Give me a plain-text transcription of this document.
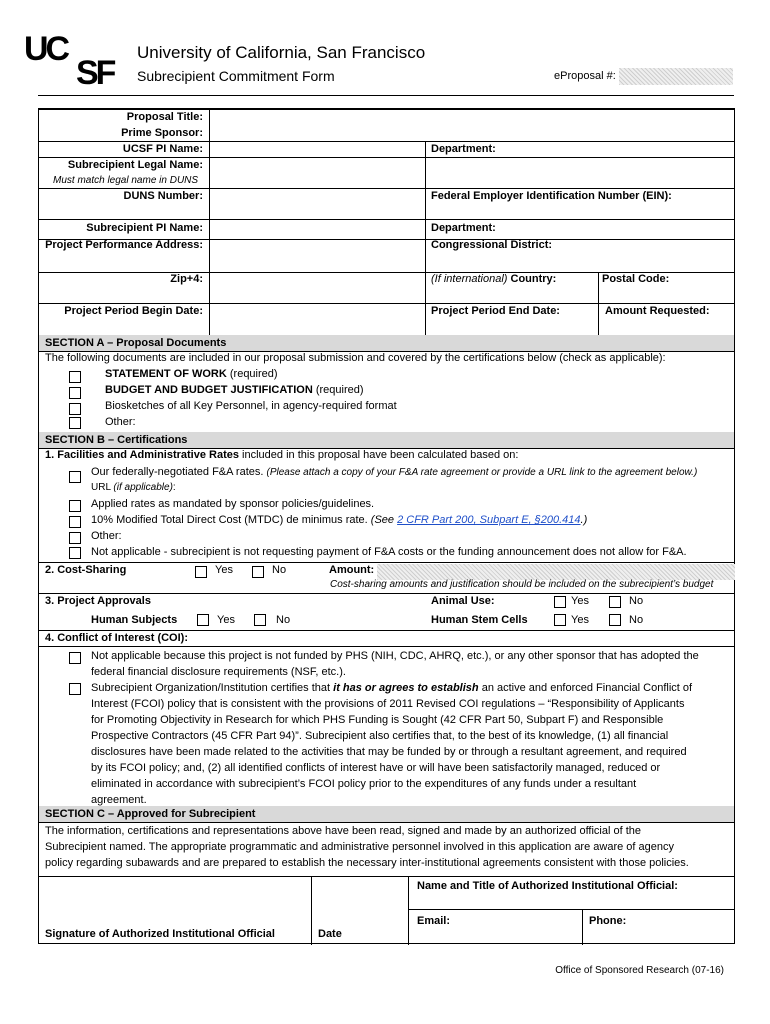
UC
SF
University of California, San Francisco
Subrecipient Commitment Form	eProposal #:
Proposal Title:
Prime Sponsor:
UCSF PI Name:	Department:
Subrecipient Legal Name:
Must match legal name in DUNS
DUNS Number:	Federal Employer Identification Number (EIN):
Subrecipient PI Name:	Department:
Project Performance Address:	Congressional District:
Zip+4:	(If international) Country:	Postal Code:
Project Period Begin Date:	Project Period End Date:	Amount Requested:
SECTION A – Proposal Documents
The following documents are included in our proposal submission and covered by the certifications below (check as applicable):
STATEMENT OF WORK (required)
BUDGET AND BUDGET JUSTIFICATION (required)
Biosketches of all Key Personnel, in agency-required format
Other:
SECTION B – Certifications
1. Facilities and Administrative Rates included in this proposal have been calculated based on:
Our federally-negotiated F&A rates. (Please attach a copy of your F&A rate agreement or provide a URL link to the agreement below.)
URL (if applicable):
Applied rates as mandated by sponsor policies/guidelines.
10% Modified Total Direct Cost (MTDC) de minimus rate. (See 2 CFR Part 200, Subpart E, §200.414.)
Other:
Not applicable - subrecipient is not requesting payment of F&A costs or the funding announcement does not allow for F&A.
2. Cost-Sharing	Yes	No	Amount:
Cost-sharing amounts and justification should be included on the subrecipient’s budget
3. Project Approvals	Animal Use:	Yes	No
Human Subjects	Yes	No	Human Stem Cells	Yes	No
4. Conflict of Interest (COI):
Not applicable because this project is not funded by PHS (NIH, CDC, AHRQ, etc.), or any other sponsor that has adopted the
federal financial disclosure requirements (NSF, etc.).
Subrecipient Organization/Institution certifies that it has or agrees to establish an active and enforced Financial Conflict of
Interest (FCOI) policy that is consistent with the provisions of 2011 Revised COI regulations – “Responsibility of Applicants
for Promoting Objectivity in Research for which PHS Funding is Sought (42 CFR Part 50, Subpart F) and Responsible
Prospective Contractors (45 CFR Part 94)”. Subrecipient also certifies that, to the best of its knowledge, (1) all financial
disclosures have been made related to the activities that may be funded by or through a resultant agreement, and required
by its FCOI policy; and, (2) all identified conflicts of interest have or will have been satisfactorily managed, reduced or
eliminated in accordance with subrecipient’s FCOI policy prior to the expenditures of any funds under a resultant
agreement.
SECTION C – Approved for Subrecipient
The information, certifications and representations above have been read, signed and made by an authorized official of the
Subrecipient named. The appropriate programmatic and administrative personnel involved in this application are aware of agency
policy regarding subawards and are prepared to establish the necessary inter-institutional agreements consistent with those policies.
Name and Title of Authorized Institutional Official:
Email:	Phone:
Signature of Authorized Institutional Official	Date
Office of Sponsored Research (07-16)
